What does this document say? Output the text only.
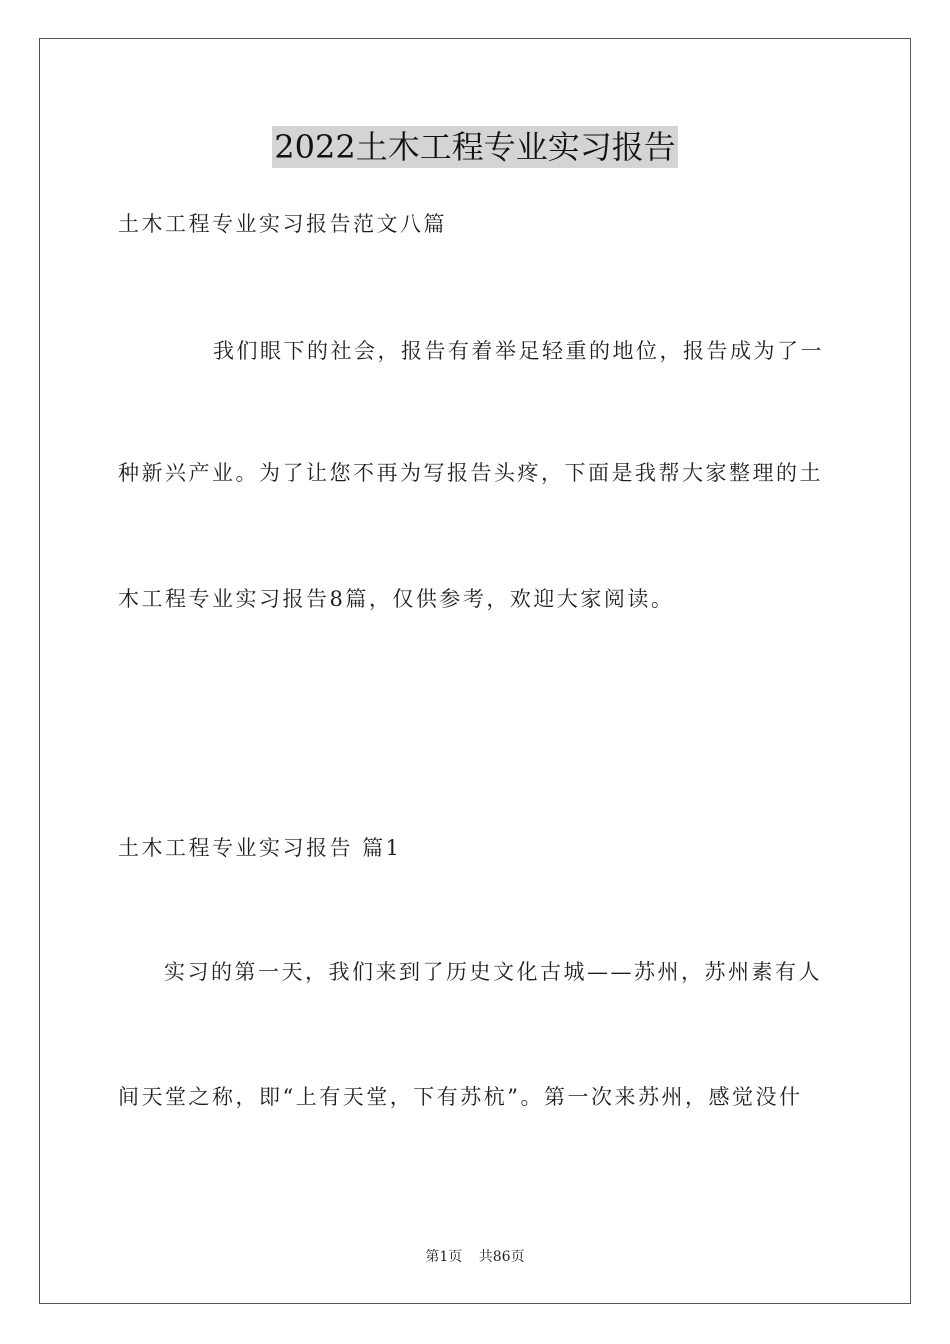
2022土木工程专业实习报告
土木工程专业实习报告范文八篇
我们眼下的社会，报告有着举足轻重的地位，报告成为了一
种新兴产业。为了让您不再为写报告头疼，下面是我帮大家整理的土
木工程专业实习报告8篇，仅供参考，欢迎大家阅读。
土木工程专业实习报告 篇1
实习的第一天，我们来到了历史文化古城——苏州，苏州素有人
间天堂之称，即“上有天堂，下有苏杭”。第一次来苏州，感觉没什
第1页 共86页
